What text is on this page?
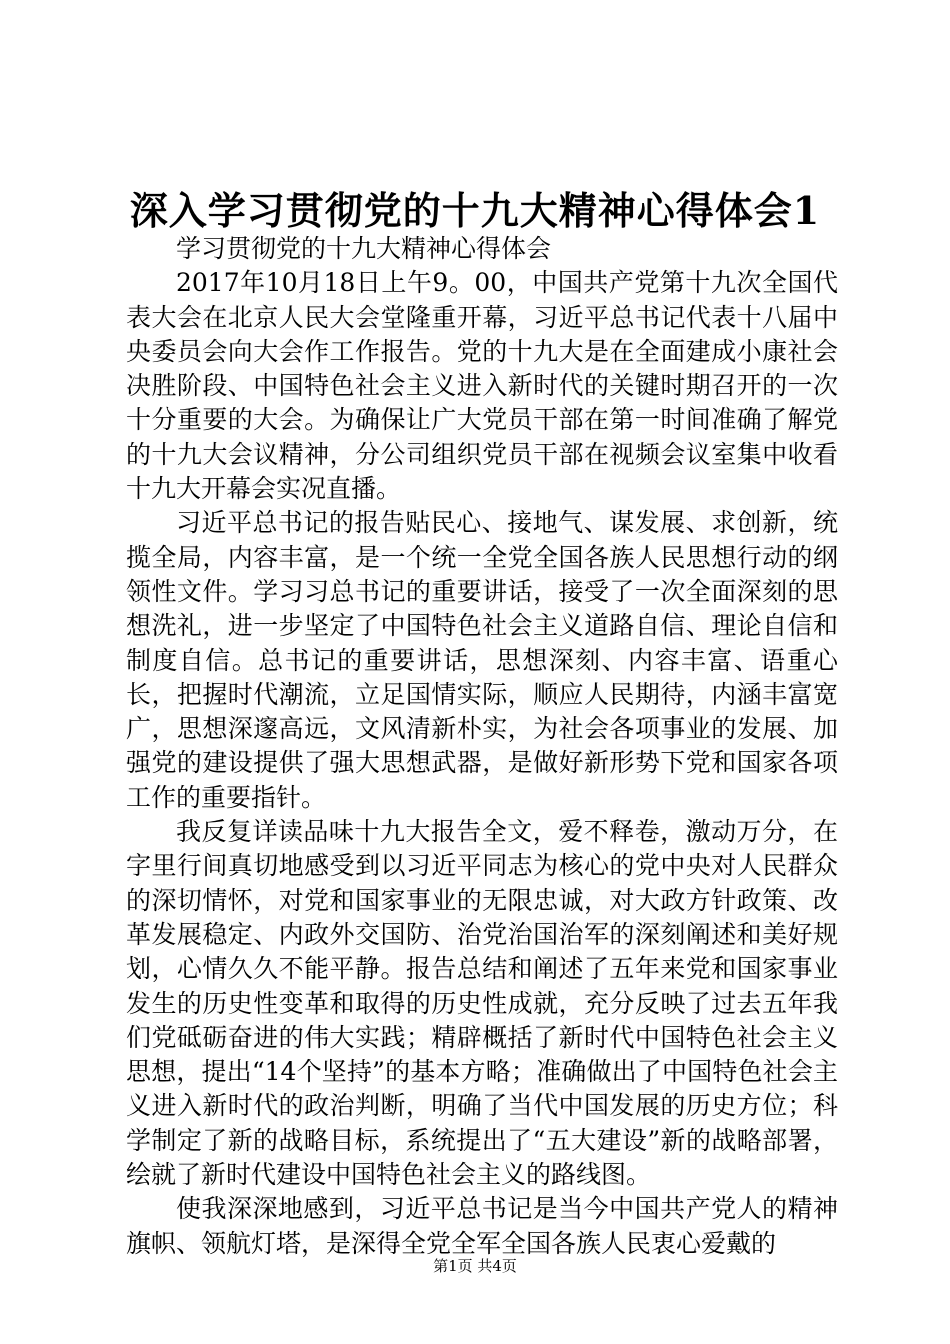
深入学习贯彻党的十九大精神心得体会1

学习贯彻党的十九大精神心得体会

2017年10月18日上午9。00，中国共产党第十九次全国代表大会在北京人民大会堂隆重开幕，习近平总书记代表十八届中央委员会向大会作工作报告。党的十九大是在全面建成小康社会决胜阶段、中国特色社会主义进入新时代的关键时期召开的一次十分重要的大会。为确保让广大党员干部在第一时间准确了解党的十九大会议精神，分公司组织党员干部在视频会议室集中收看十九大开幕会实况直播。

习近平总书记的报告贴民心、接地气、谋发展、求创新，统揽全局，内容丰富，是一个统一全党全国各族人民思想行动的纲领性文件。学习习总书记的重要讲话，接受了一次全面深刻的思想洗礼，进一步坚定了中国特色社会主义道路自信、理论自信和制度自信。总书记的重要讲话，思想深刻、内容丰富、语重心长，把握时代潮流，立足国情实际，顺应人民期待，内涵丰富宽广，思想深邃高远，文风清新朴实，为社会各项事业的发展、加强党的建设提供了强大思想武器，是做好新形势下党和国家各项工作的重要指针。

我反复详读品味十九大报告全文，爱不释卷，激动万分，在字里行间真切地感受到以习近平同志为核心的党中央对人民群众的深切情怀，对党和国家事业的无限忠诚，对大政方针政策、改革发展稳定、内政外交国防、治党治国治军的深刻阐述和美好规划，心情久久不能平静。报告总结和阐述了五年来党和国家事业发生的历史性变革和取得的历史性成就，充分反映了过去五年我们党砥砺奋进的伟大实践；精辟概括了新时代中国特色社会主义思想，提出“14个坚持”的基本方略；准确做出了中国特色社会主义进入新时代的政治判断，明确了当代中国发展的历史方位；科学制定了新的战略目标，系统提出了“五大建设”新的战略部署，绘就了新时代建设中国特色社会主义的路线图。

使我深深地感到，习近平总书记是当今中国共产党人的精神旗帜、领航灯塔，是深得全党全军全国各族人民衷心爱戴的

第1页 共4页
